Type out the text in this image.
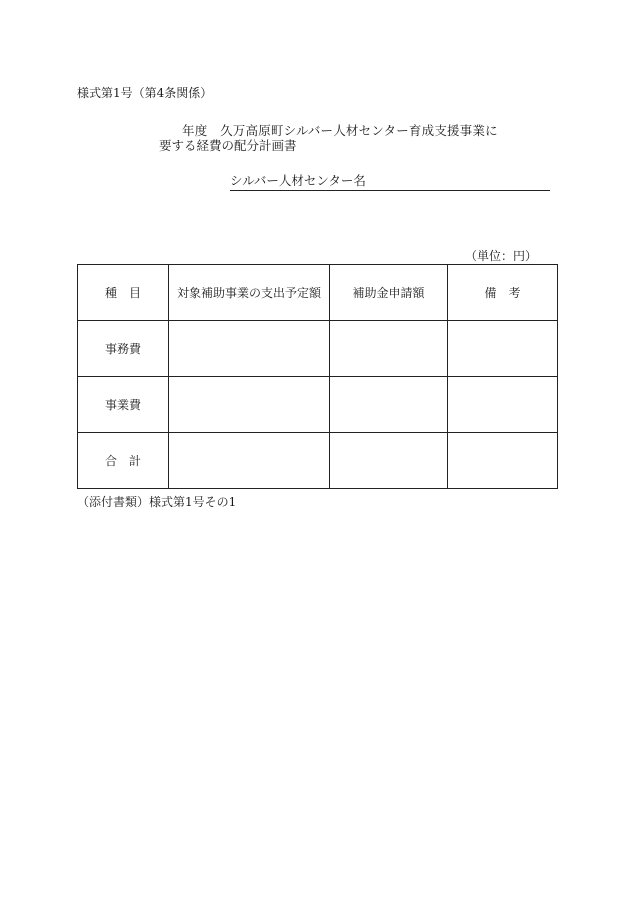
様式第1号（第4条関係）
年度　久万高原町シルバー人材センター育成支援事業に
要する経費の配分計画書
シルバー人材センター名
（単位：円）
種　目	対象補助事業の支出予定額	補助金申請額	備　考
事務費			
事業費			
合　計			
（添付書類）様式第1号その1
